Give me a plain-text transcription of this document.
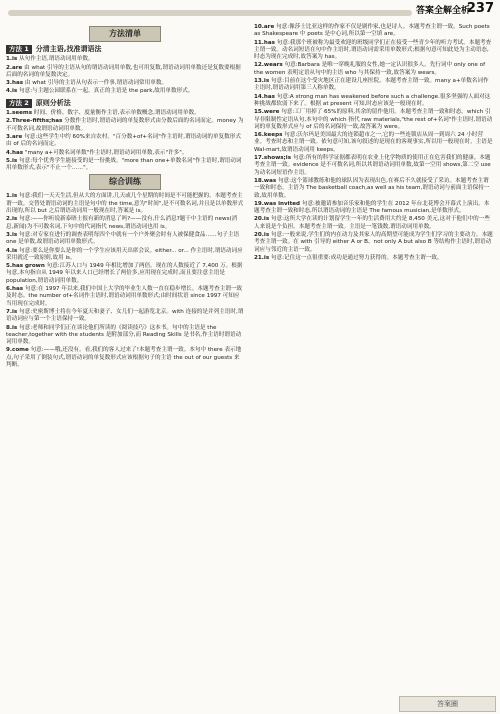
答案全解全析
237
方法清单
方法 1	分清主语,找准谓语法
1.is 从句作主语,谓语动词用单数。
2.are 由 what 引导的主语从句的谓语动词用单数,也可用复数,谓语动词用单数还是复数要根据后面的名词的单复数决定。
3.has 由 what 引导的主语从句表示一件事,谓语动词常用单数。
4.is 句意:与主题公园联系在一起。真正的主语是 the park,故用单数形式。
方法 2	原则分析法
1.seems 时间、价格、数字、度量衡作主语,表示单数概念,谓语动词用单数。
2.Three-fifths;has 分数作主语时,谓语动词的单复数形式由分数后面的名词而定。money 为不可数名词,故谓语动词用单数。
3.are 句意:这些学生中约 60%来自农村。"百分数+of+名词"作主语时,谓语动词的单复数形式由 of 后的名词而定。
4.has "many a+可数名词单数"作主语时,谓语动词用单数,表示"许多"。
5.is 句意:每个优秀学生能接受的是一份挑战。"more than one+单数名词"作主语时,谓语动词用单数形式,表示"不止一个……"。
综合训练
1.is 句意:我们一天天生活,但从大的方面讲,几天或几个星期的时间是不可能把握的。本题考查主谓一致。交替处谓语动词的主语是句中的 the time,意为"时间",是不可数名词,并且是以单数形式出现的,所以 but 之后谓语动词用一般现在时,答案是 is。
2.is 句意:——你听说新泰晤士报有新的消息了吗?——没有,什么消息?题干中主语的 news(消息,新闻)为不可数名词,下句中的代词指代 news,谓语动词也用 is。
3.is 句意:对专家在进行的调查表明每四个中就有一个户外聚会时有人被保健食品……句子主语 one 是单数,故谓语动词用单数形式。
4.is 句意:要么是你要么是你的一个学生应该用天出席会议。either... or... 作主语时,谓语动词应采用就近一致原则,故用 is。
5.has grown 句意:江苏人口与 1949 年相比增加了两倍。现在的人数接近了 7,400 万。根据句意,本句指自从 1949 年以来人口已经增长了两倍多,应用现在完成时,而且要注意主语是 population,谓语动词用单数。
6.has 句意:在 1997 年以来,我们中国上大学的毕业生人数一直在稳步增长。本题考查主谓一致及时态。the number of+名词作主语时,谓语动词用单数形式;由时间状语 since 1997 可知应当用现在完成时。
7.is 句意:史密斯博士将在今年夏天和妻子、女儿们一起游览北京。with 连接的是并列主语时,谓语动词应与第一个主语保持一致。
8.is 句意:老师和同学们正在谈论他们所读的《阅读技巧》这本书。句中的主语是 the teacher,together with the students 是附加部分,而 Reading Skills 是书名,作主语时谓语动词用单数。
9.come 句意:——哦,还没有。看,我们的客人过来了!本题考查主谓一致。本句中 there 表示地点,句子采用了倒装句式,谓语动词的单复数形式应该根据句子的主语 the out of our guests 来判断。
10.are 句意:像莎士比亚这样的作家不仅是剧作家,也是诗人。本题考查主谓一致。Such poets as Shakespeare 中 poets 是中心词,所以第一空填 are。
11.has 句意:我那个班被称为最受欢迎的班级同学们正在接受一些青少年的听力考试。本题考查主谓一致。动名词短语在句中作主语时,谓语动词需采用单数形式;根据句意可知此处为主动语态,时态为现在完成时,故答案为 has。
12.wears 句意:Barbara 是唯一穿晚礼服的女性,她一定认识很多人。先行词中 only one of the women 表明定语从句中的主语 who 与其保持一致,故答案为 wears。
13.is 句意:目前在这个受灾地区正在建设几座医院。本题考查主谓一致。many a+单数名词作主语时,谓语动词用第三人称单数。
14.has 句意:A strong man has weakened before such a challenge.很多坚强的人面对这种挑战都软弱下来了。根据 at present 可知,时态应该是一般现在时。
15.were 句意:工厂用掉了 65%的原料,其余的留作他用。本题考查主谓一致和时态。which 引导非限制性定语从句,本句中的 which 指代 raw materials,"the rest of+名词"作主语时,谓语动词的单复数形式应与 of 后的名词保持一致,故答案为 were。
16.keeps 句意:沃尔玛是美国最大的连锁超市之一,它的一些连锁店从周一到周六 24 小时营业。考查时态和主谓一致。依句意可知,该句叙述的是现在的客观事实,所以用一般现在时。主语是 Wal-mart,故谓语动词用 keeps。
17.shows;is 句意:所有的科学证据都表明在农业上化学物质的使用正在危害我们的健康。本题考查主谓一致。evidence 是不可数名词,所以其谓语动词用单数,故第一空用 shows,第二空 use 为动名词短语作主语。
18.was 句意:这个篮球教练和他的球队因为表现出色,在赛后不久就接受了采访。本题考查主谓一致和时态。主语为 The basketball coach,as well as his team,谓语动词与前面主语保持一致,故用单数。
19.was invited 句意:被邀请参加音乐家和他的学生在 2012 年台北花博会开幕式上演出。本题考查主谓一致和时态,所以谓语动词的主语是 The famous musician,是单数形式。
20.is 句意:这所大学在读的计划留学生一年的生活费用大约是 8,450 美元,这对于他们中的一些人来说是个负担。本题考查主谓一致。主语是一笔钱数,谓语动词用单数。
20.is 句意:一般来说,学生们的内在动力及其家人的高期望可能成为学生们学习的主要动力。本题考查主谓一致。在 with 引导的 either A or B、not only A but also B 等结构作主语时,谓语动词应与邻近的主语一致。
21.is 句意:记住这一点很重要:成功是通过努力获得的。本题考查主谓一致。
答案圈
